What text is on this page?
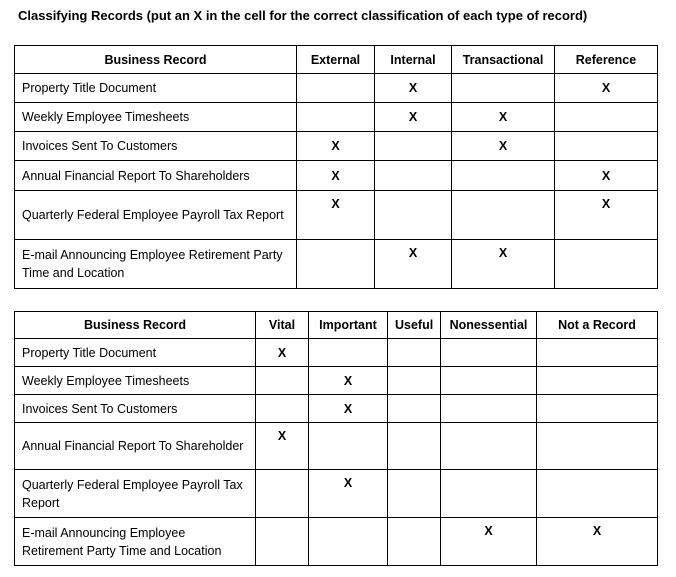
Classifying Records (put an X in the cell for the correct classification of each type of record)
Business Record	External	Internal	Transactional	Reference
Property Title Document		X		X
Weekly Employee Timesheets		X	X	
Invoices Sent To Customers	X		X	
Annual Financial Report To Shareholders	X			X
Quarterly Federal Employee Payroll Tax Report	X			X
E-mail Announcing Employee Retirement Party Time and Location		X	X	
Business Record	Vital	Important	Useful	Nonessential	Not a Record
Property Title Document	X				
Weekly Employee Timesheets		X			
Invoices Sent To Customers		X			
Annual Financial Report To Shareholder	X				
Quarterly Federal Employee Payroll Tax Report		X			
E-mail Announcing Employee Retirement Party Time and Location				X	X
